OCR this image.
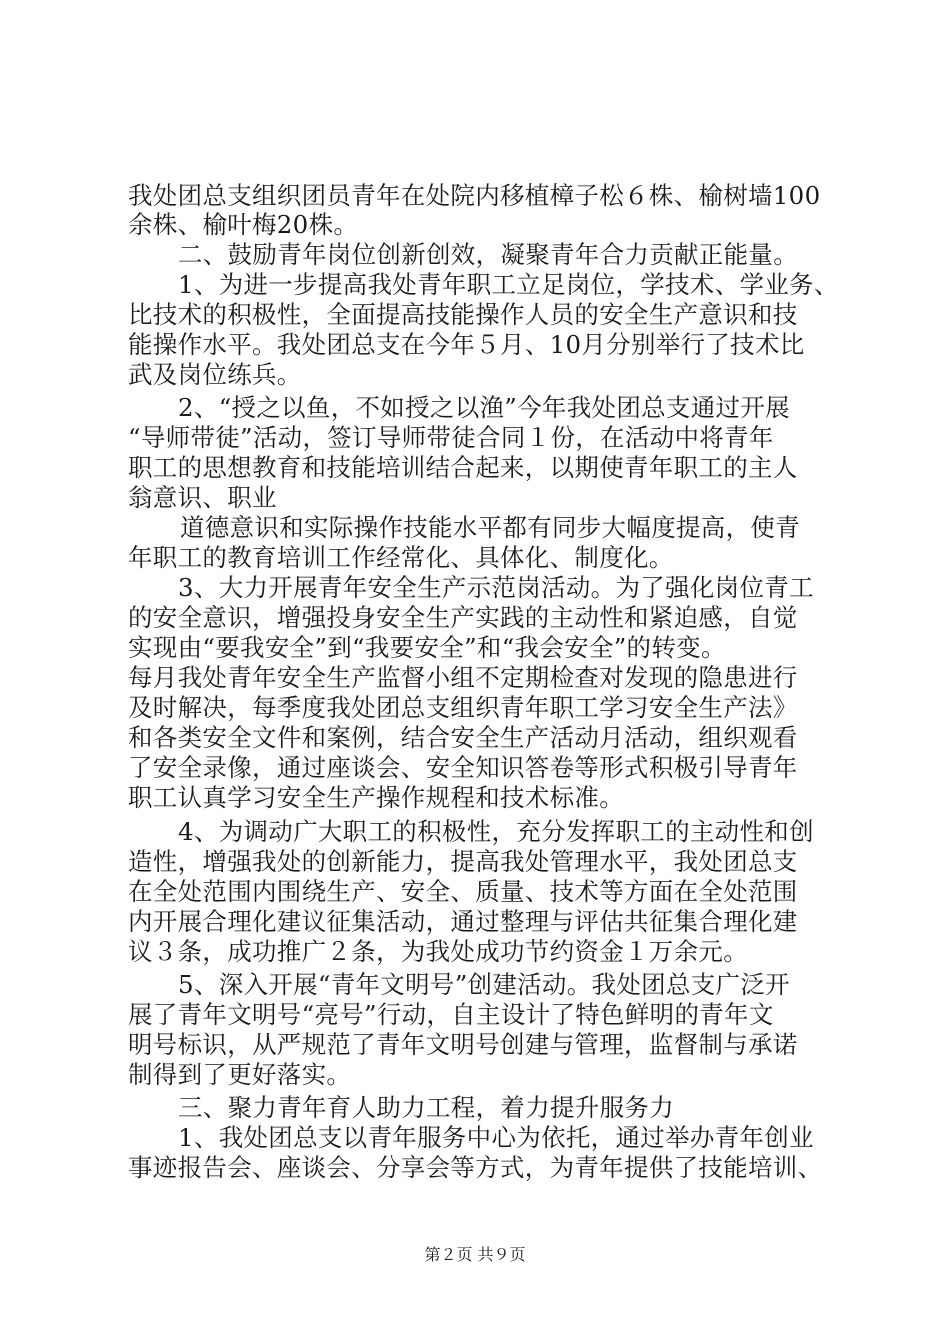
我处团总支组织团员青年在处院内移植樟子松６株、榆树墙100
余株、榆叶梅20株。
二、鼓励青年岗位创新创效，凝聚青年合力贡献正能量。
1、为进一步提高我处青年职工立足岗位，学技术、学业务、
比技术的积极性，全面提高技能操作人员的安全生产意识和技
能操作水平。我处团总支在今年５月、10月分别举行了技术比
武及岗位练兵。
2、“授之以鱼，不如授之以渔”今年我处团总支通过开展
“导师带徒”活动，签订导师带徒合同１份，在活动中将青年
职工的思想教育和技能培训结合起来，以期使青年职工的主人
翁意识、职业
道德意识和实际操作技能水平都有同步大幅度提高，使青
年职工的教育培训工作经常化、具体化、制度化。
3、大力开展青年安全生产示范岗活动。为了强化岗位青工
的安全意识，增强投身安全生产实践的主动性和紧迫感，自觉
实现由“要我安全”到“我要安全”和“我会安全”的转变。
每月我处青年安全生产监督小组不定期检查对发现的隐患进行
及时解决，每季度我处团总支组织青年职工学习安全生产法》
和各类安全文件和案例，结合安全生产活动月活动，组织观看
了安全录像，通过座谈会、安全知识答卷等形式积极引导青年
职工认真学习安全生产操作规程和技术标准。
4、为调动广大职工的积极性，充分发挥职工的主动性和创
造性，增强我处的创新能力，提高我处管理水平，我处团总支
在全处范围内围绕生产、安全、质量、技术等方面在全处范围
内开展合理化建议征集活动，通过整理与评估共征集合理化建
议３条，成功推广２条，为我处成功节约资金１万余元。
5、深入开展“青年文明号”创建活动。我处团总支广泛开
展了青年文明号“亮号”行动，自主设计了特色鲜明的青年文
明号标识，从严规范了青年文明号创建与管理，监督制与承诺
制得到了更好落实。
三、聚力青年育人助力工程，着力提升服务力
1、我处团总支以青年服务中心为依托，通过举办青年创业
事迹报告会、座谈会、分享会等方式，为青年提供了技能培训、
第２页 共９页
